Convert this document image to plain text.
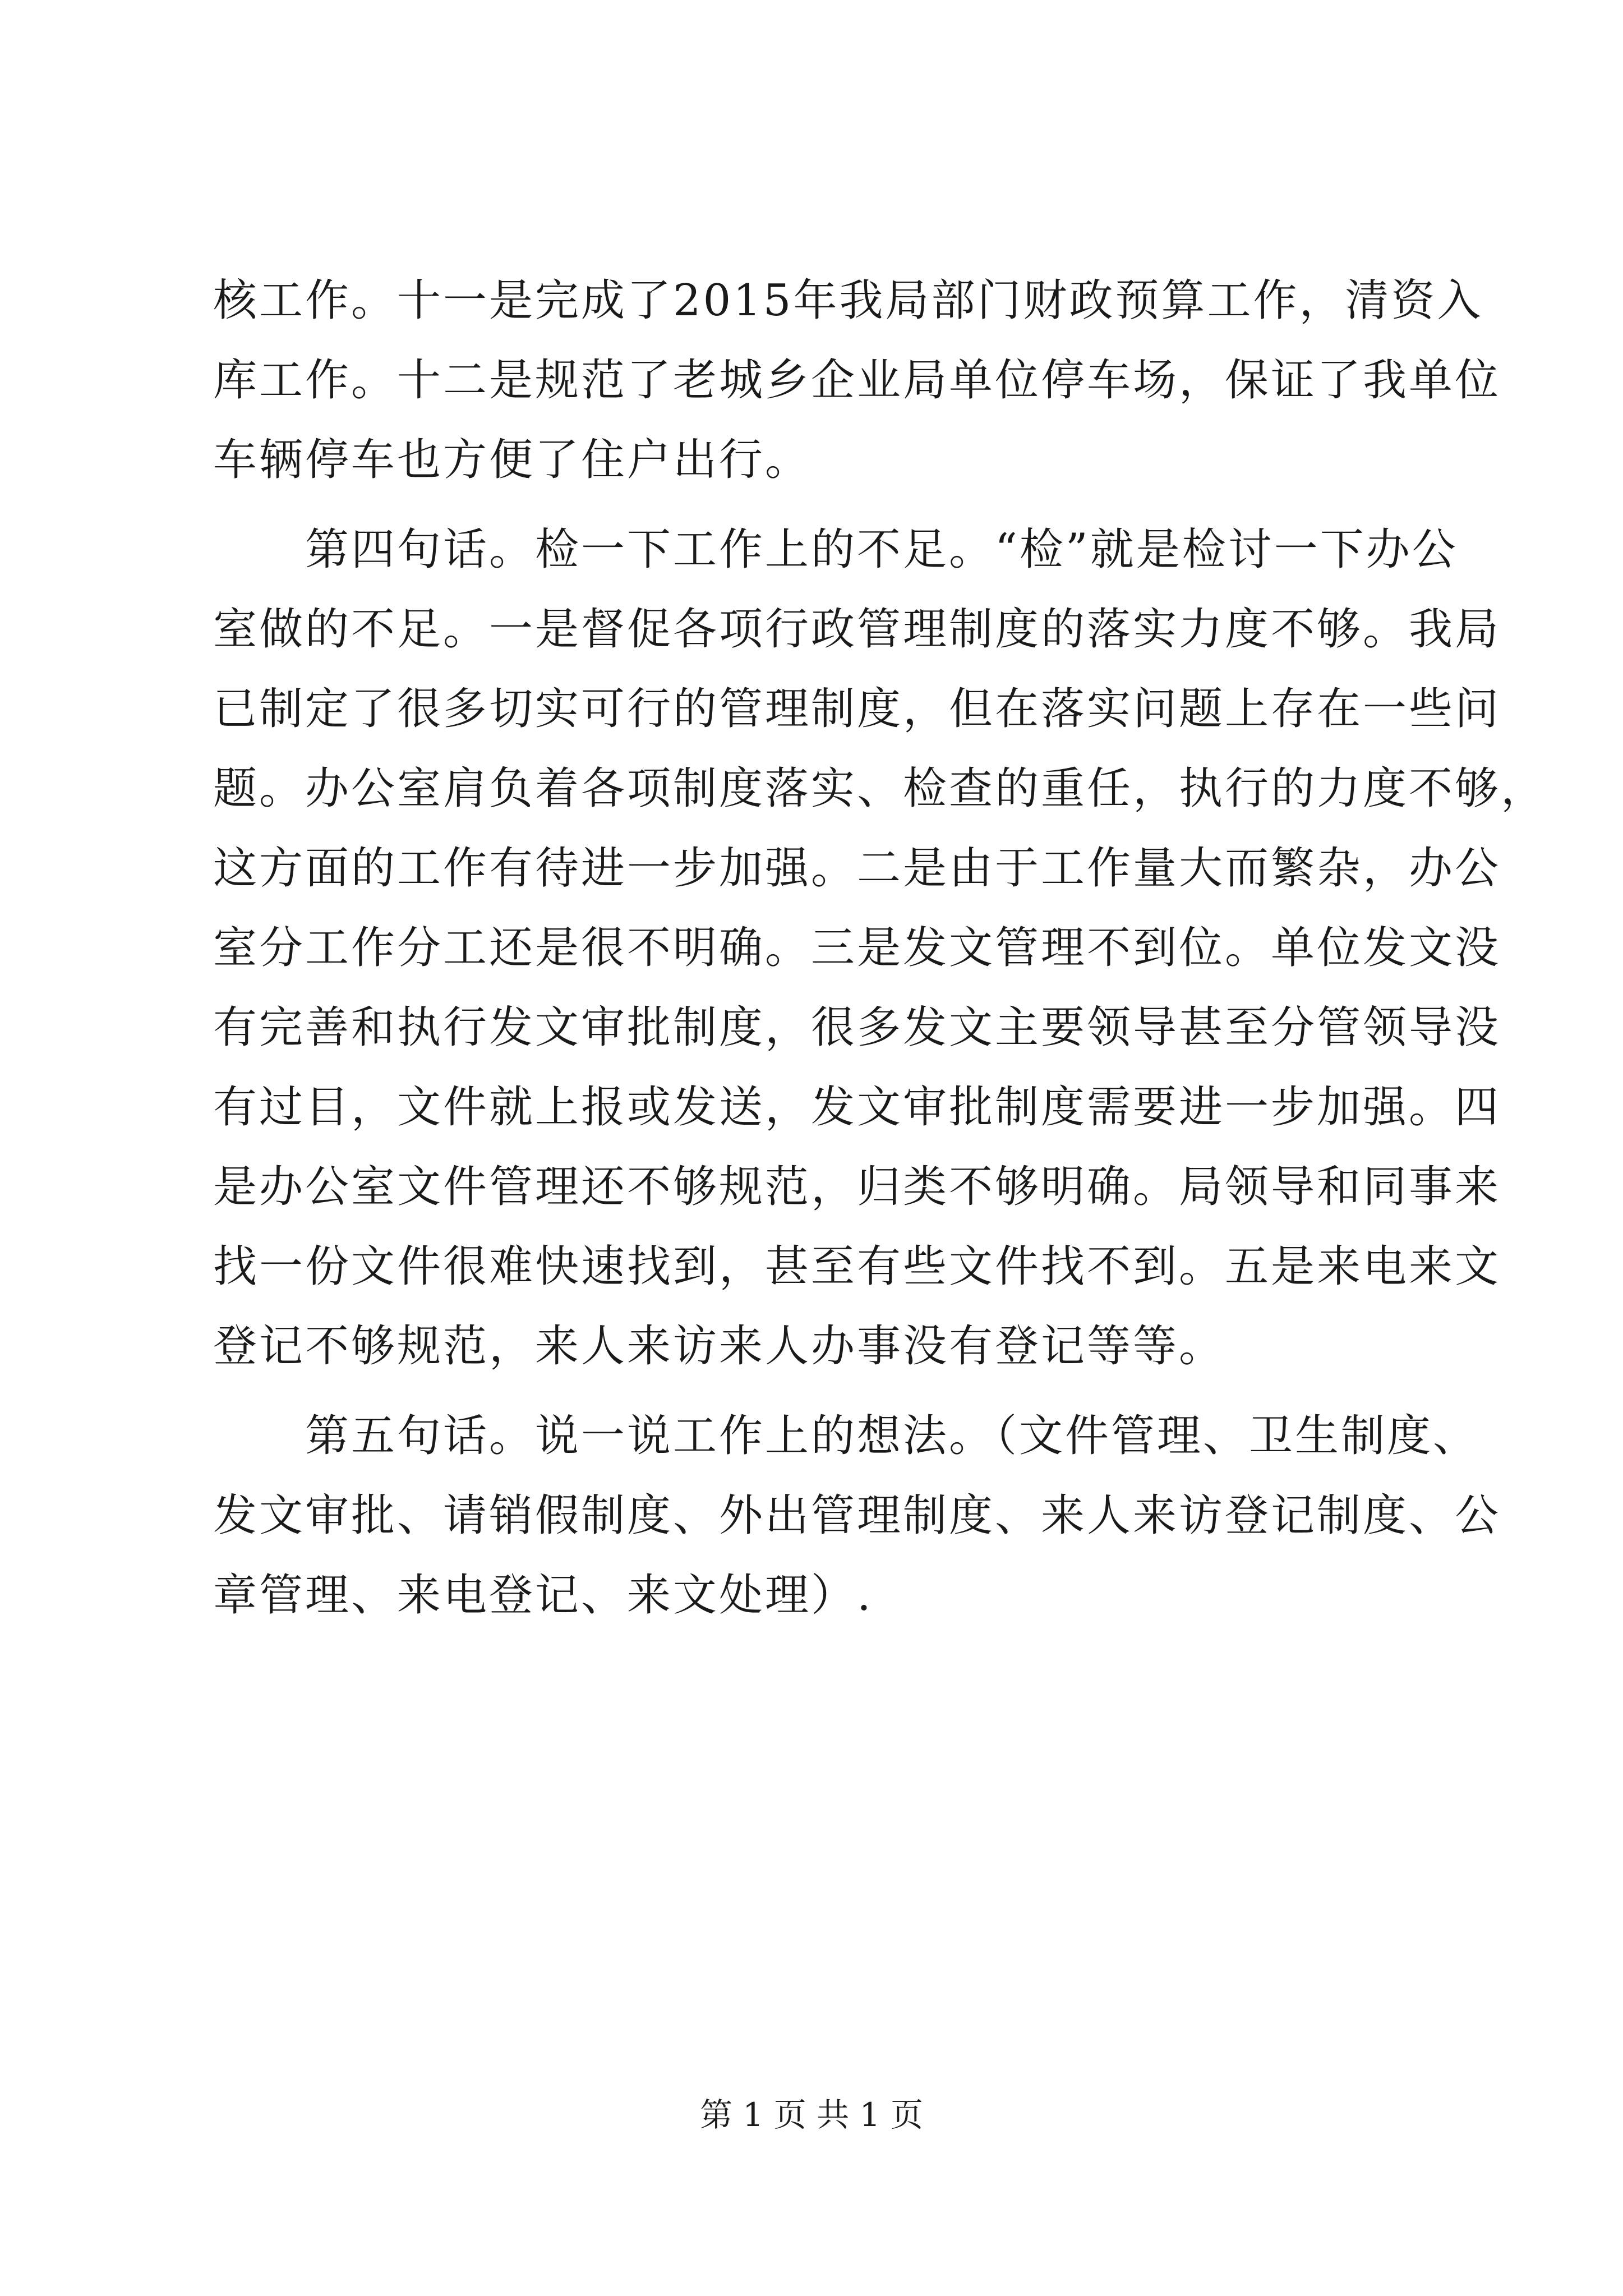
核工作。十一是完成了2015年我局部门财政预算工作，清资入
库工作。十二是规范了老城乡企业局单位停车场，保证了我单位
车辆停车也方便了住户出行。
　　第四句话。检一下工作上的不足。“检”就是检讨一下办公
室做的不足。一是督促各项行政管理制度的落实力度不够。我局
已制定了很多切实可行的管理制度，但在落实问题上存在一些问
题。办公室肩负着各项制度落实、检查的重任，执行的力度不够，
这方面的工作有待进一步加强。二是由于工作量大而繁杂，办公
室分工作分工还是很不明确。三是发文管理不到位。单位发文没
有完善和执行发文审批制度，很多发文主要领导甚至分管领导没
有过目，文件就上报或发送，发文审批制度需要进一步加强。四
是办公室文件管理还不够规范，归类不够明确。局领导和同事来
找一份文件很难快速找到，甚至有些文件找不到。五是来电来文
登记不够规范，来人来访来人办事没有登记等等。
　　第五句话。说一说工作上的想法。（文件管理、卫生制度、
发文审批、请销假制度、外出管理制度、来人来访登记制度、公
章管理、来电登记、来文处理）.
第 1 页 共 1 页
